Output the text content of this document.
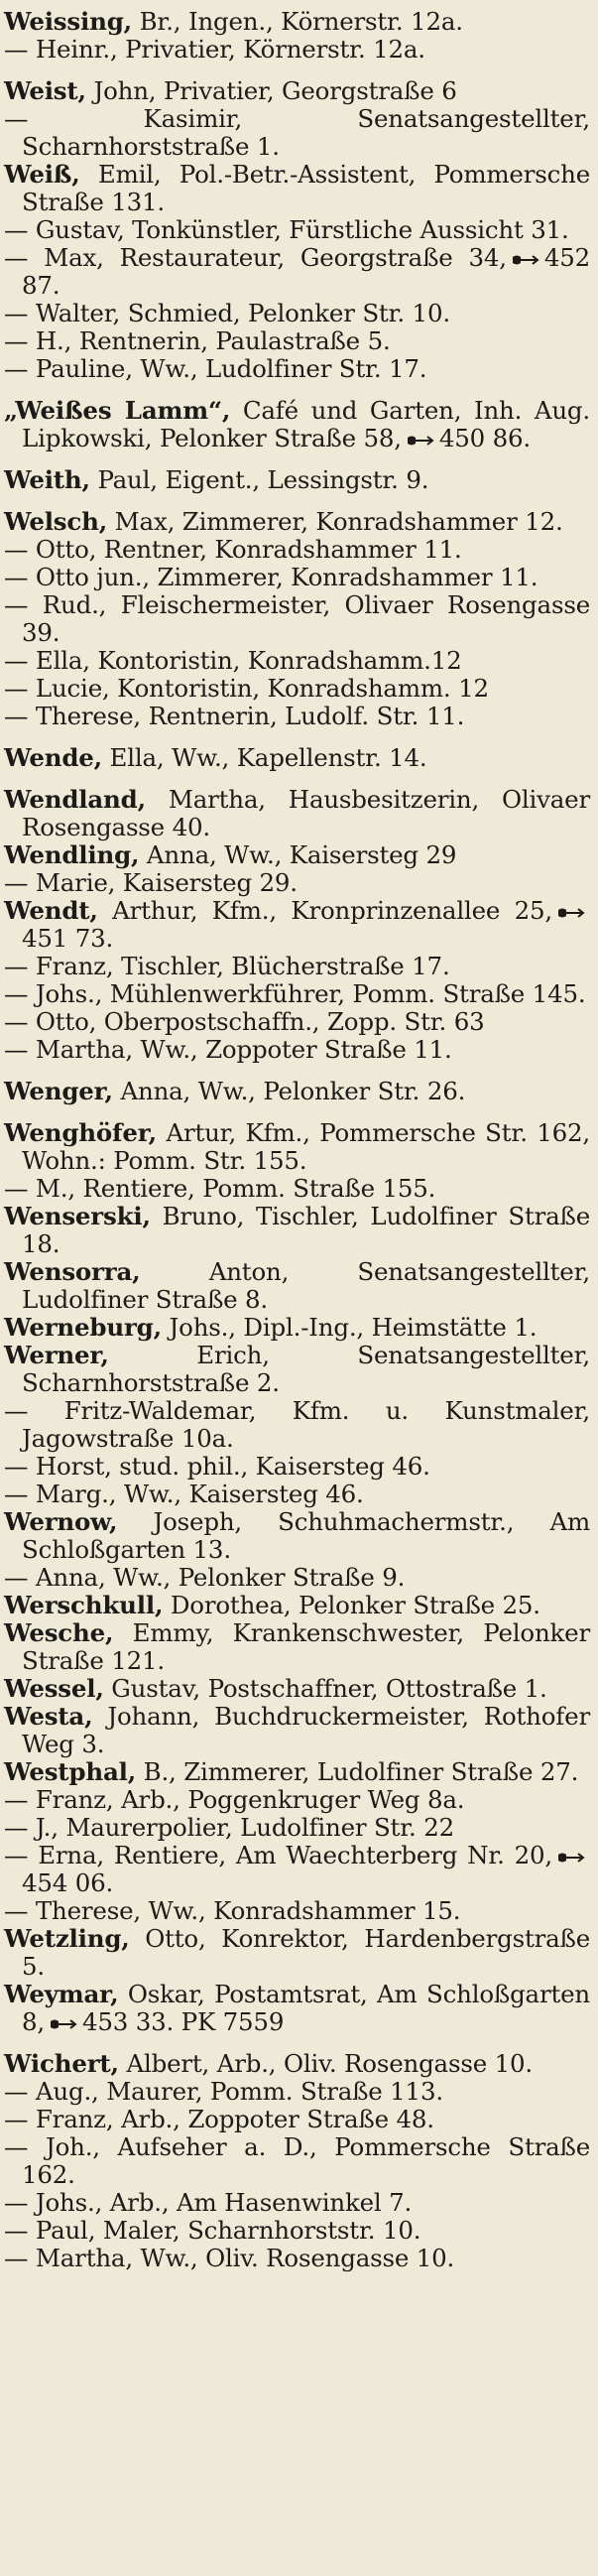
Weissing, Br., Ingen., Körnerstr. 12a.
— Heinr., Privatier, Körnerstr. 12a.
Weist, John, Privatier, Georgstraße 6
— Kasimir, Senatsangestellter, Scharnhorststraße 1.
Weiß, Emil, Pol.-Betr.-Assistent, Pommersche Straße 131.
— Gustav, Tonkünstler, Fürstliche Aussicht 31.
— Max, Restaurateur, Georgstraße 34, 452 87.
— Walter, Schmied, Pelonker Str. 10.
— H., Rentnerin, Paulastraße 5.
— Pauline, Ww., Ludolfiner Str. 17.
„Weißes Lamm“, Café und Garten, Inh. Aug. Lipkowski, Pelonker Straße 58, 450 86.
Weith, Paul, Eigent., Lessingstr. 9.
Welsch, Max, Zimmerer, Konradshammer 12.
— Otto, Rentner, Konradshammer 11.
— Otto jun., Zimmerer, Konradshammer 11.
— Rud., Fleischermeister, Olivaer Rosengasse 39.
— Ella, Kontoristin, Konradshamm.12
— Lucie, Kontoristin, Konradshamm. 12
— Therese, Rentnerin, Ludolf. Str. 11.
Wende, Ella, Ww., Kapellenstr. 14.
Wendland, Martha, Hausbesitzerin, Olivaer Rosengasse 40.
Wendling, Anna, Ww., Kaisersteg 29
— Marie, Kaisersteg 29.
Wendt, Arthur, Kfm., Kronprinzenallee 25,451 73.
— Franz, Tischler, Blücherstraße 17.
— Johs., Mühlenwerkführer, Pomm. Straße 145.
— Otto, Oberpostschaffn., Zopp. Str. 63
— Martha, Ww., Zoppoter Straße 11.
Wenger, Anna, Ww., Pelonker Str. 26.
Wenghöfer, Artur, Kfm., Pommersche Str. 162, Wohn.: Pomm. Str. 155.
— M., Rentiere, Pomm. Straße 155.
Wenserski, Bruno, Tischler, Ludolfiner Straße 18.
Wensorra, Anton, Senatsangestellter, Ludolfiner Straße 8.
Werneburg, Johs., Dipl.-Ing., Heimstätte 1.
Werner, Erich, Senatsangestellter, Scharnhorststraße 2.
— Fritz-Waldemar, Kfm. u. Kunstmaler, Jagowstraße 10a.
— Horst, stud. phil., Kaisersteg 46.
— Marg., Ww., Kaisersteg 46.
Wernow, Joseph, Schuhmachermstr., Am Schloßgarten 13.
— Anna, Ww., Pelonker Straße 9.
Werschkull, Dorothea, Pelonker Straße 25.
Wesche, Emmy, Krankenschwester, Pelonker Straße 121.
Wessel, Gustav, Postschaffner, Ottostraße 1.
Westa, Johann, Buchdruckermeister, Rothofer Weg 3.
Westphal, B., Zimmerer, Ludolfiner Straße 27.
— Franz, Arb., Poggenkruger Weg 8a.
— J., Maurerpolier, Ludolfiner Str. 22
— Erna, Rentiere, Am Waechterberg Nr. 20,454 06.
— Therese, Ww., Konradshammer 15.
Wetzling, Otto, Konrektor, Hardenbergstraße 5.
Weymar, Oskar, Postamtsrat, Am Schloßgarten 8, 453 33. PK 7559
Wichert, Albert, Arb., Oliv. Rosengasse 10.
— Aug., Maurer, Pomm. Straße 113.
— Franz, Arb., Zoppoter Straße 48.
— Joh., Aufseher a. D., Pommersche Straße 162.
— Johs., Arb., Am Hasenwinkel 7.
— Paul, Maler, Scharnhorststr. 10.
— Martha, Ww., Oliv. Rosengasse 10.
